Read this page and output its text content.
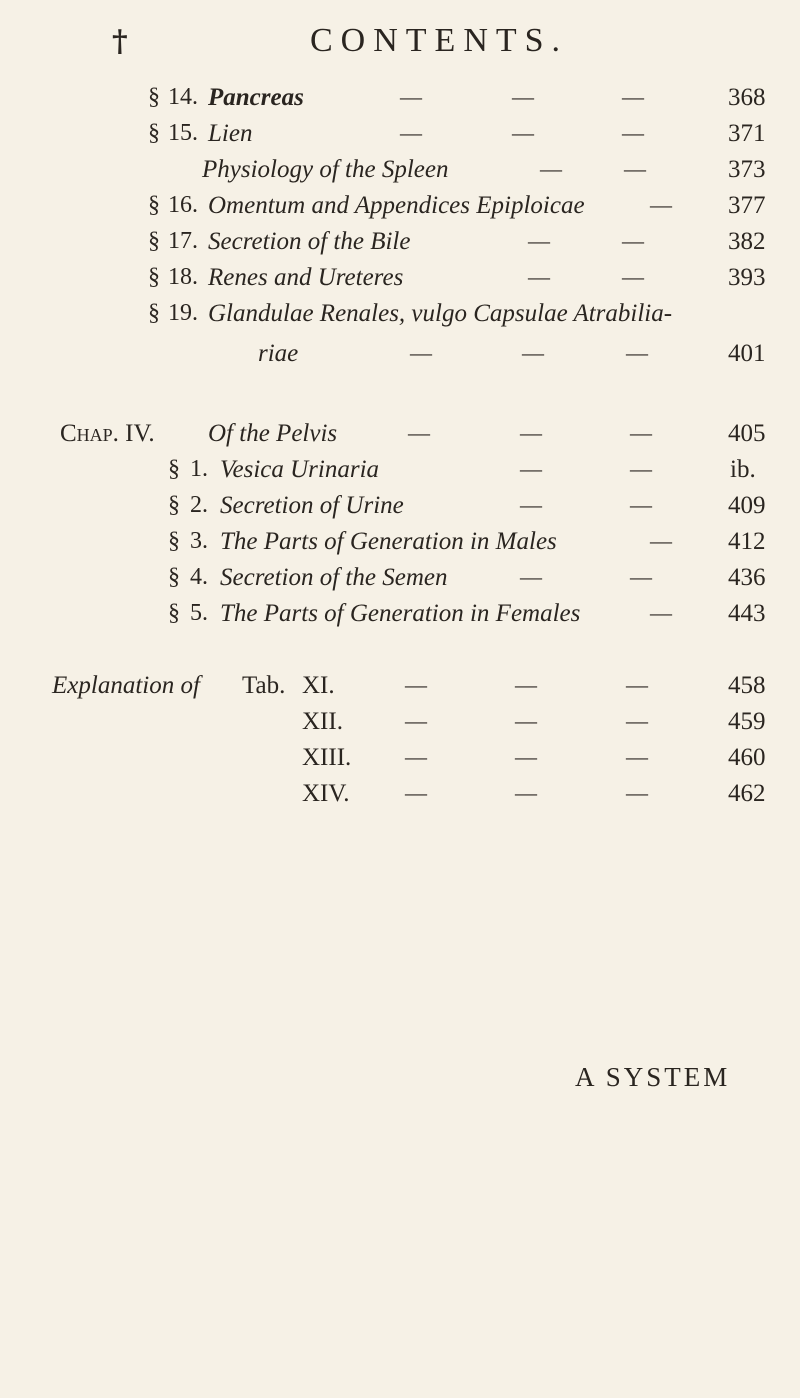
†	CONTENTS.
§ 14. Pancreas	—	—	—	368
§ 15. Lien	—	—	—	371
Physiology of the Spleen	—	—	373
§ 16. Omentum and Appendices Epiploicae	— 377
§ 17. Secretion of the Bile	—	—	382
§ 18. Renes and Ureteres	—	—	393
§ 19. Glandulae Renales, vulgo Capsulae Atrabilia-
riae	—	—	—	401
Chap. IV. Of the Pelvis	—	—	—	405
§ 1. Vesica Urinaria	—	—	ib.
§ 2. Secretion of Urine	—	—	409
§ 3. The Parts of Generation in Males	— 412
§ 4. Secretion of the Semen	—	—	436
§ 5. The Parts of Generation in Females	— 443
Explanation of Tab. XI.	—	—	—	458
XII.	—	—	—	459
XIII. —	—	—	460
XIV.	—	—	—	462
A SYSTEM
